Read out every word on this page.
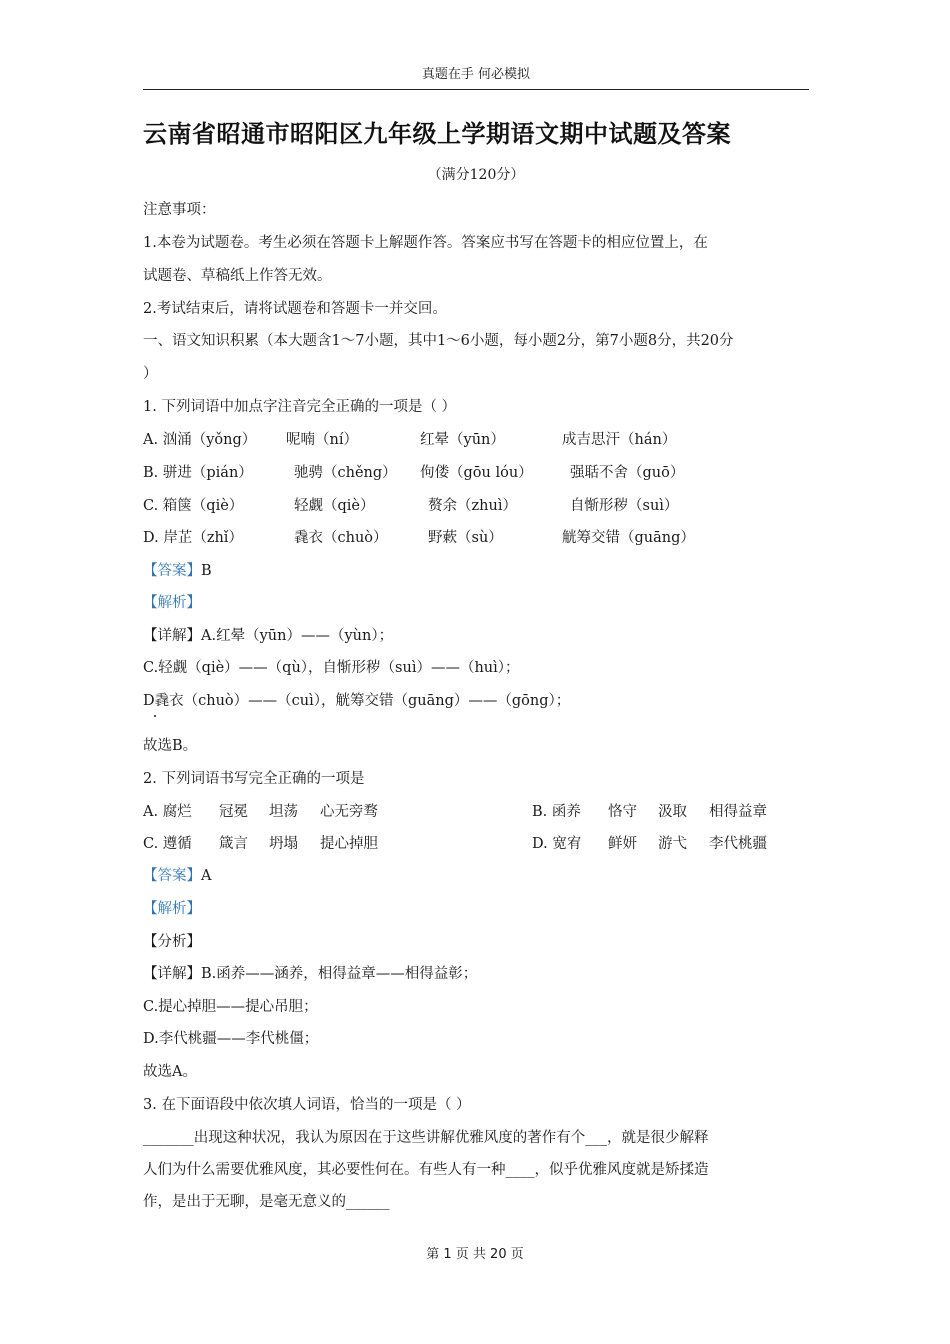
真题在手 何必模拟
云南省昭通市昭阳区九年级上学期语文期中试题及答案
（满分120分）
注意事项：
1.本卷为试题卷。考生必须在答题卡上解题作答。答案应书写在答题卡的相应位置上，在
试题卷、草稿纸上作答无效。
2.考试结束后，请将试题卷和答题卡一并交回。
一、语文知识积累（本大题含1～7小题，其中1～6小题，每小题2分，第7小题8分，共20分
）
1. 下列词语中加点字注音完全正确的一项是（ ）
A. 汹涌（yǒng） 呢喃（ní）	红晕（yūn）	成吉思汗（hán）
B. 骈进（pián）	驰骋（chěng） 佝偻（gōu lóu）	强聒不舍（guō）
C. 箱箧（qiè）	轻觑（qiè）	赘余（zhuì）	自惭形秽（suì）
D. 岸芷（zhǐ）	毳衣（chuò）	野蔌（sù）	觥筹交错（guāng）
【答案】B
【解析】
【详解】A.红晕（yūn）——（yùn）；
C.轻觑（qiè）——（qù），自惭形秽（suì）——（huì）；
D毳衣（chuò）——（cuì），觥筹交错（guāng）——（gōng）；
故选B。
2. 下列词语书写完全正确的一项是
A. 腐烂 冠冕 坦荡 心无旁骛	B. 函养 恪守 汲取 相得益章
C. 遵循 箴言 坍塌 提心掉胆	D. 宽宥 鲜妍 游弋 李代桃疆
【答案】A
【解析】
【分析】
【详解】B.函养——涵养，相得益章——相得益彰；
C.提心掉胆——提心吊胆；
D.李代桃疆——李代桃僵；
故选A。
3. 在下面语段中依次填人词语，恰当的一项是（ ）
_______出现这种状况，我认为原因在于这些讲解优雅风度的著作有个___，就是很少解释
人们为什么需要优雅风度，其必要性何在。有些人有一种____，似乎优雅风度就是矫揉造
作，是出于无聊，是毫无意义的______
第 1 页 共 20 页
